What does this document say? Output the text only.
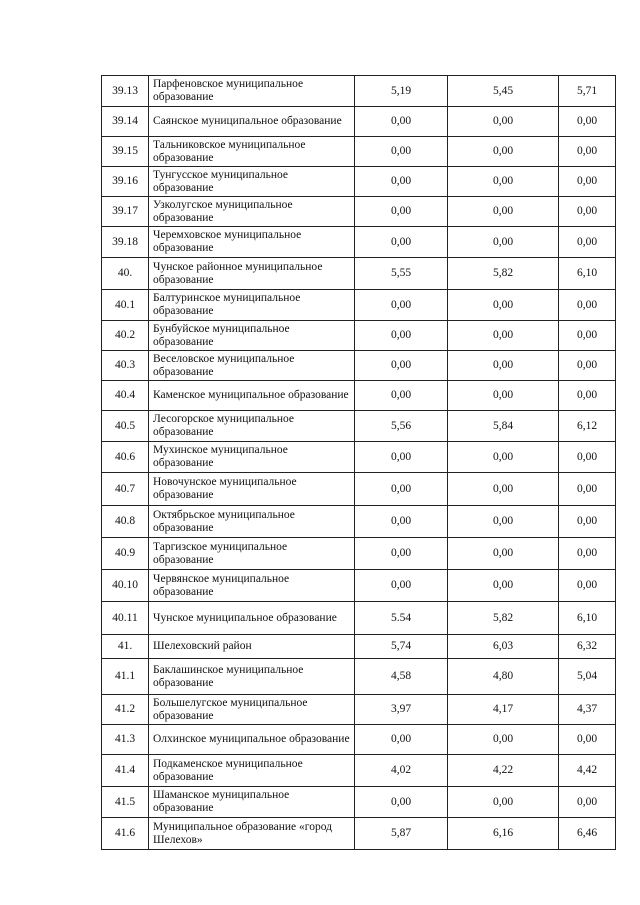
39.13	Парфеновское муниципальное образование	5,19	5,45	5,71
39.14	Саянское муниципальное образование	0,00	0,00	0,00
39.15	Тальниковское муниципальное образование	0,00	0,00	0,00
39.16	Тунгусское муниципальное образование	0,00	0,00	0,00
39.17	Узколугское муниципальное образование	0,00	0,00	0,00
39.18	Черемховское муниципальное образование	0,00	0,00	0,00
40.	Чунское районное муниципальное образование	5,55	5,82	6,10
40.1	Балтуринское муниципальное образование	0,00	0,00	0,00
40.2	Бунбуйское муниципальное образование	0,00	0,00	0,00
40.3	Веселовское муниципальное образование	0,00	0,00	0,00
40.4	Каменское муниципальное образование	0,00	0,00	0,00
40.5	Лесогорское муниципальное образование	5,56	5,84	6,12
40.6	Мухинское муниципальное образование	0,00	0,00	0,00
40.7	Новочунское муниципальное образование	0,00	0,00	0,00
40.8	Октябрьское муниципальное образование	0,00	0,00	0,00
40.9	Таргизское муниципальное образование	0,00	0,00	0,00
40.10	Червянское муниципальное образование	0,00	0,00	0,00
40.11	Чунское муниципальное образование	5.54	5,82	6,10
41.	Шелеховский район	5,74	6,03	6,32
41.1	Баклашинское муниципальное образование	4,58	4,80	5,04
41.2	Большелугское муниципальное образование	3,97	4,17	4,37
41.3	Олхинское муниципальное образование	0,00	0,00	0,00
41.4	Подкаменское муниципальное образование	4,02	4,22	4,42
41.5	Шаманское муниципальное образование	0,00	0,00	0,00
41.6	Муниципальное образование «город Шелехов»	5,87	6,16	6,46
